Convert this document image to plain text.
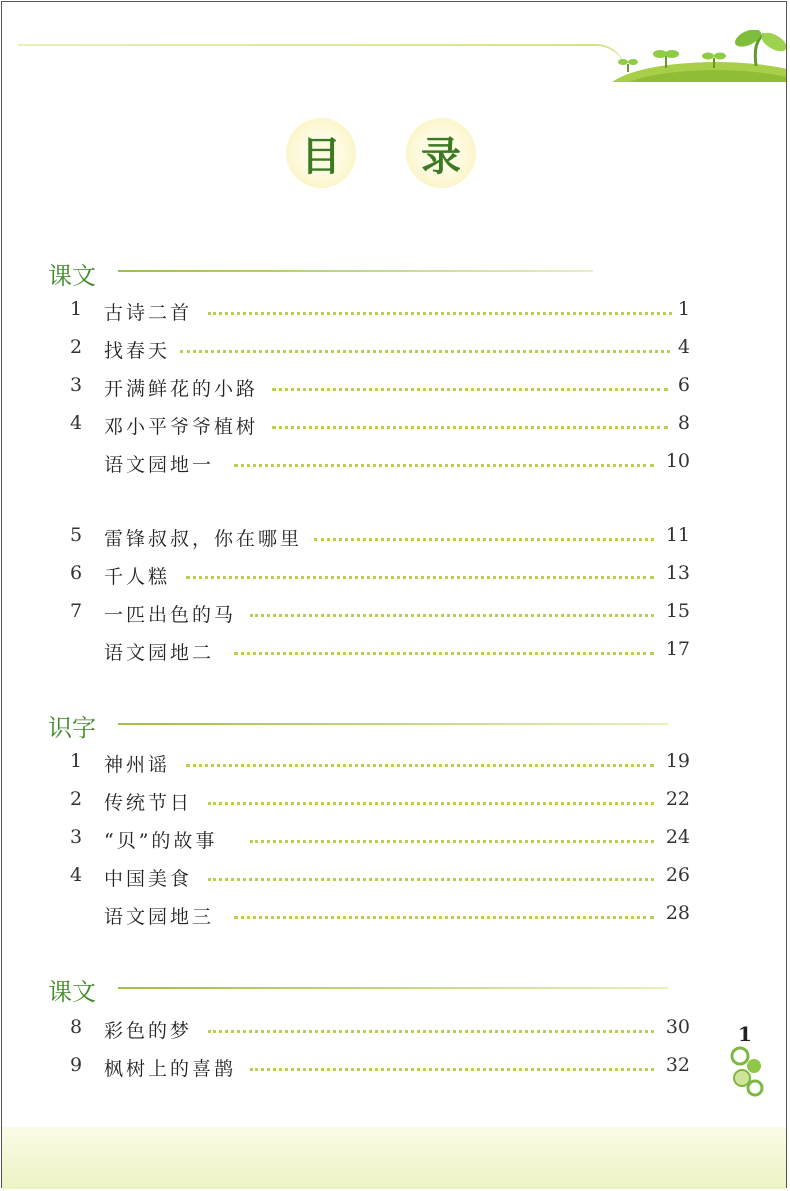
目	录
课文
1	古诗二首	1
2	找春天	4
3	开满鲜花的小路	6
4	邓小平爷爷植树	8
语文园地一	10
5	雷锋叔叔，你在哪里	11
6	千人糕	13
7	一匹出色的马	15
语文园地二	17
识字
1	神州谣	19
2	传统节日	22
3	“贝”的故事	24
4	中国美食	26
语文园地三	28
课文
8	彩色的梦	30
9	枫树上的喜鹊	32
1
